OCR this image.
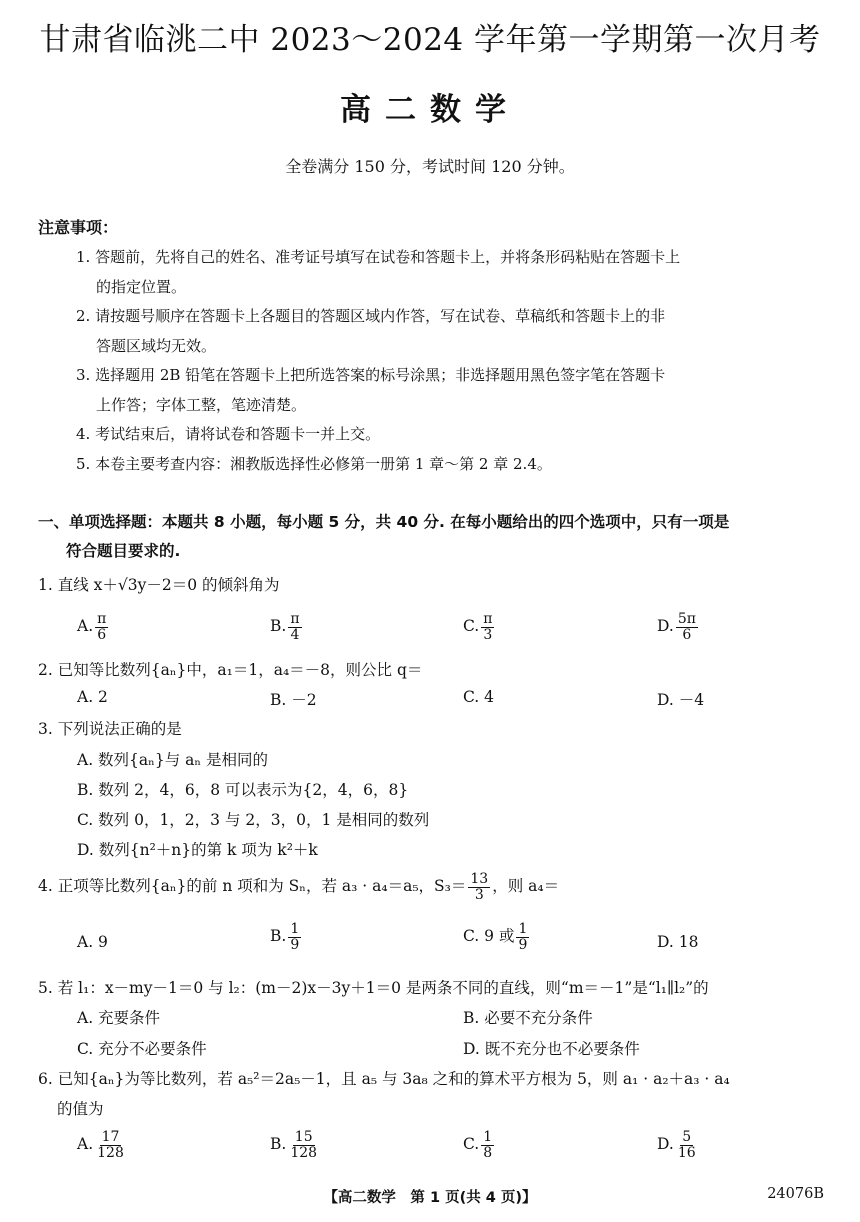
甘肃省临洮二中 2023～2024 学年第一学期第一次月考
高二数学
全卷满分 150 分，考试时间 120 分钟。
注意事项：
1. 答题前，先将自己的姓名、准考证号填写在试卷和答题卡上，并将条形码粘贴在答题卡上
的指定位置。
2. 请按题号顺序在答题卡上各题目的答题区域内作答，写在试卷、草稿纸和答题卡上的非
答题区域均无效。
3. 选择题用 2B 铅笔在答题卡上把所选答案的标号涂黑；非选择题用黑色签字笔在答题卡
上作答；字体工整，笔迹清楚。
4. 考试结束后，请将试卷和答题卡一并上交。
5. 本卷主要考查内容：湘教版选择性必修第一册第 1 章～第 2 章 2.4。
一、单项选择题：本题共 8 小题，每小题 5 分，共 40 分. 在每小题给出的四个选项中，只有一项是
符合题目要求的.
1. 直线 x＋√3y－2＝0 的倾斜角为
A. $\frac{\pi}{6}$	B. $\frac{\pi}{4}$	C. $\frac{\pi}{3}$	D. $\frac{5\pi}{6}$
2. 已知等比数列{aₙ}中，a₁＝1，a₄＝－8，则公比 q＝
A. 2	B. －2	C. 4	D. －4
3. 下列说法正确的是
A. 数列{aₙ}与 aₙ 是相同的
B. 数列 2，4，6，8 可以表示为{2，4，6，8}
C. 数列 0，1，2，3 与 2，3，0，1 是相同的数列
D. 数列{n²＋n}的第 k 项为 k²＋k
4. 正项等比数列{aₙ}的前 n 项和为 Sₙ，若 a₃ · a₄＝a₅，$S_3= \frac{13}{3}$ ，则 a₄＝
A. 9	B. $\frac{1}{9}$	C. 9 或 $\frac{1}{9}$	D. 18
5. 若 l₁：x－my－1＝0 与 l₂：(m－2)x－3y＋1＝0 是两条不同的直线，则“m＝－1”是“l₁∥l₂”的
A. 充要条件	B. 必要不充分条件
C. 充分不必要条件	D. 既不充分也不必要条件
6. 已知{aₙ}为等比数列，若 a₅²＝2a₅－1，且 a₅ 与 3a₈ 之和的算术平方根为 5，则 a₁ · a₂＋a₃ · a₄
的值为
A. $\frac{17}{128}$	B. $\frac{15}{128}$	C. $\frac{1}{8}$	D. $\frac{5}{16}$
【高二数学　第 1 页(共 4 页)】	24076B
